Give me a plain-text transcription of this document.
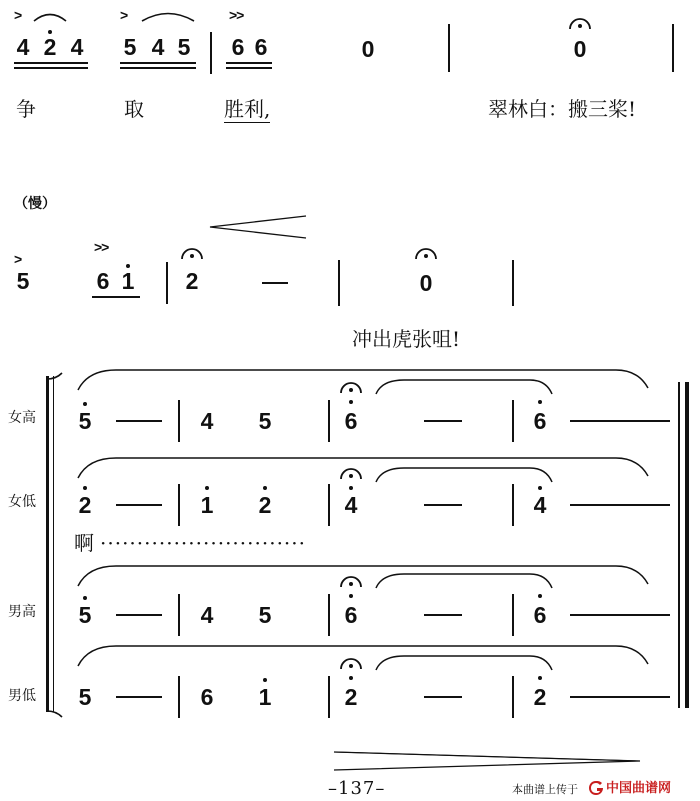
>	>	>>
4 2 4 5 4 5 6 6	0	0
争	取	胜利,	翠林白：搬三桨!
（慢）
>
>>
5	6 1 2	0
冲出虎张咀!
女高 5	4 5	6	6
女低 2	1 2	4	4
啊 ····························
男高 5	4 5	6	6
男低 5	6 1	2	2
–137–	本曲谱上传于 中国曲谱网
